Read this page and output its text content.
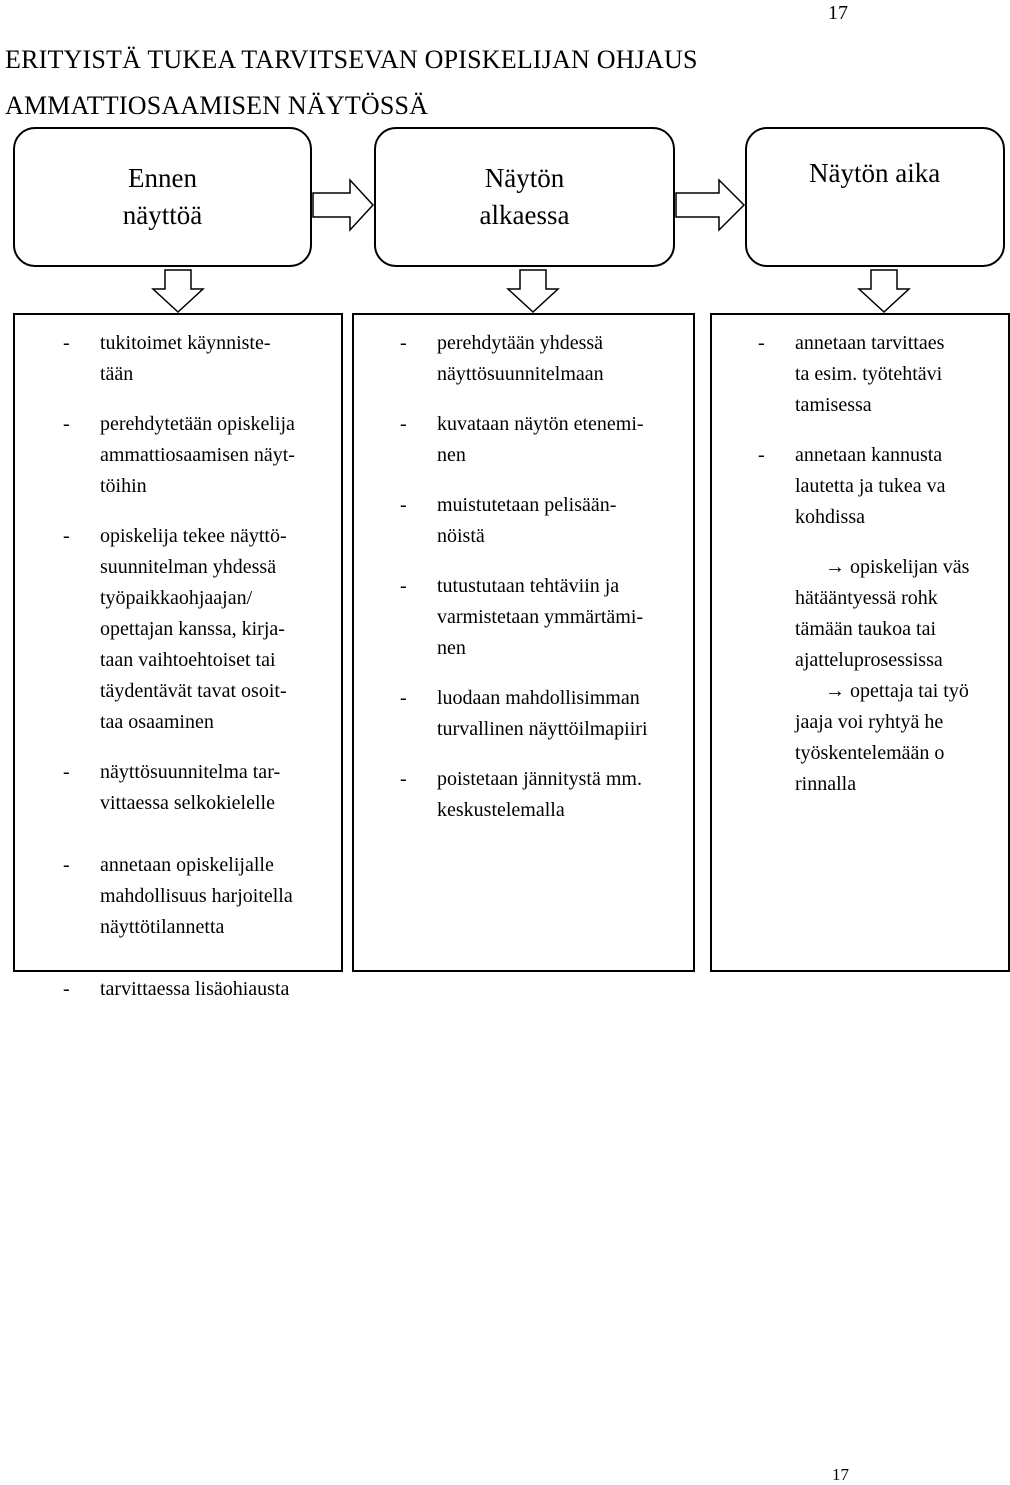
17
ERITYISTÄ TUKEA TARVITSEVAN OPISKELIJAN OHJAUS
AMMATTIOSAAMISEN NÄYTÖSSÄ
Ennen
näyttöä
Näytön
alkaessa
Näytön aika
- tukitoimet käynniste-
tään
- perehdytetään opiskelija
ammattiosaamisen näyt-
töihin
- opiskelija tekee näyttö-
suunnitelman yhdessä
työpaikkaohjaajan/
opettajan kanssa, kirja-
taan vaihtoehtoiset tai
täydentävät tavat osoit-
taa osaaminen
- näyttösuunnitelma tar-
vittaessa selkokielelle
- annetaan opiskelijalle
mahdollisuus harjoitella
näyttötilannetta
- tarvittaessa lisäohiausta
- perehdytään yhdessä
näyttösuunnitelmaan
- kuvataan näytön etenemi-
nen
- muistutetaan pelisään-
nöistä
- tutustutaan tehtäviin ja
varmistetaan ymmärtämi-
nen
- luodaan mahdollisimman
turvallinen näyttöilmapiiri
- poistetaan jännitystä mm.
keskustelemalla
- annetaan tarvittaes
ta esim. työtehtävi
tamisessa
- annetaan kannusta
lautetta ja tukea va
kohdissa
→ opiskelijan väs
hätääntyessä rohk
tämään taukoa tai
ajatteluprosessissa
→ opettaja tai työ
jaaja voi ryhtyä he
työskentelemään o
rinnalla
17
